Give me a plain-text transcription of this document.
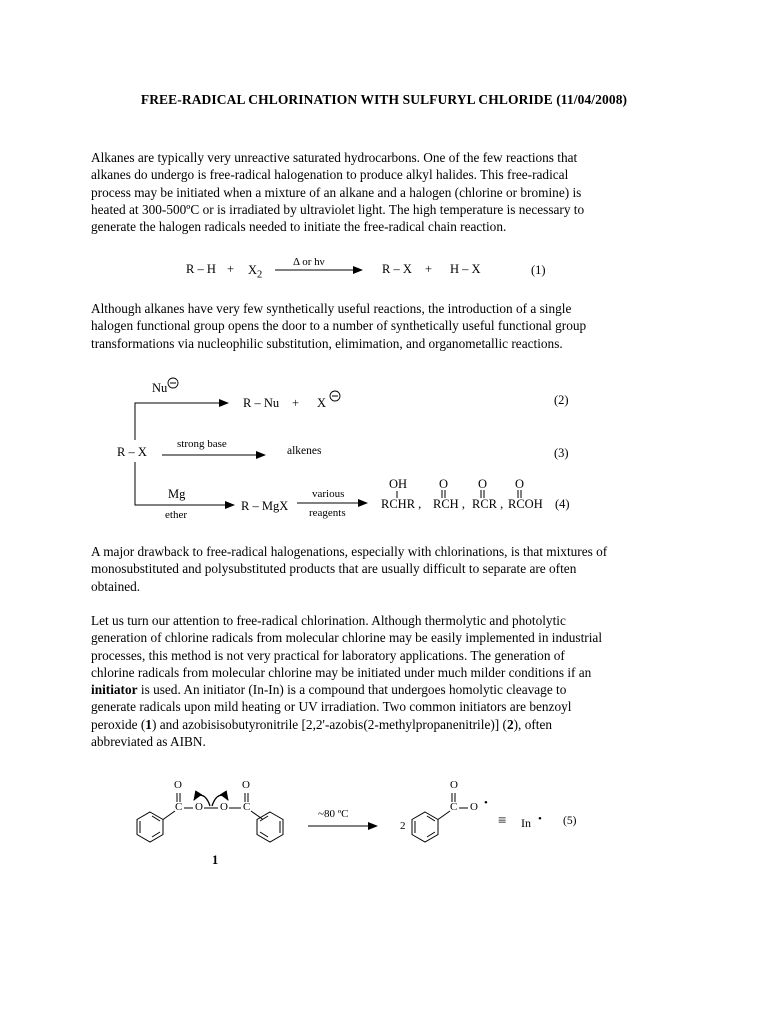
FREE-RADICAL CHLORINATION WITH SULFURYL CHLORIDE (11/04/2008)
Alkanes are typically very unreactive saturated hydrocarbons. One of the few reactions that
alkanes do undergo is free-radical halogenation to produce alkyl halides. This free-radical
process may be initiated when a mixture of an alkane and a halogen (chlorine or bromine) is
heated at 300-500ºC or is irradiated by ultraviolet light. The high temperature is necessary to
generate the halogen radicals needed to initiate the free-radical chain reaction.
$R - H + X_2$
Δ or hν	R – X + H – X	(1)
Although alkanes have very few synthetically useful reactions, the introduction of a single
halogen functional group opens the door to a number of synthetically useful functional group
transformations via nucleophilic substitution, elimimation, and organometallic reactions.
Nu
R – Nu + X	(2)
R – X
strong base
alkenes	(3)
Mg
ether
R – MgX
various
reagents
OH	O O O
RCHR , RCH , RCR , RCOH (4)
A major drawback to free-radical halogenations, especially with chlorinations, is that mixtures of
monosubstituted and polysubstituted products that are usually difficult to separate are often
obtained.
Let us turn our attention to free-radical chlorination. Although thermolytic and photolytic
generation of chlorine radicals from molecular chlorine may be easily implemented in industrial
processes, this method is not very practical for laboratory applications. The generation of
chlorine radicals from molecular chlorine may be initiated under much milder conditions if an
initiator is used. An initiator (In-In) is a compound that undergoes homolytic cleavage to
generate radicals upon mild heating or UV irradiation. Two common initiators are benzoyl
peroxide (1) and azobisisobutyronitrile [2,2'-azobis(2-methylpropanenitrile)] (2), often
abbreviated as AIBN.
O	O
C O O C
1
~80 ºC
2
O
C O •
≡ In • (5)
